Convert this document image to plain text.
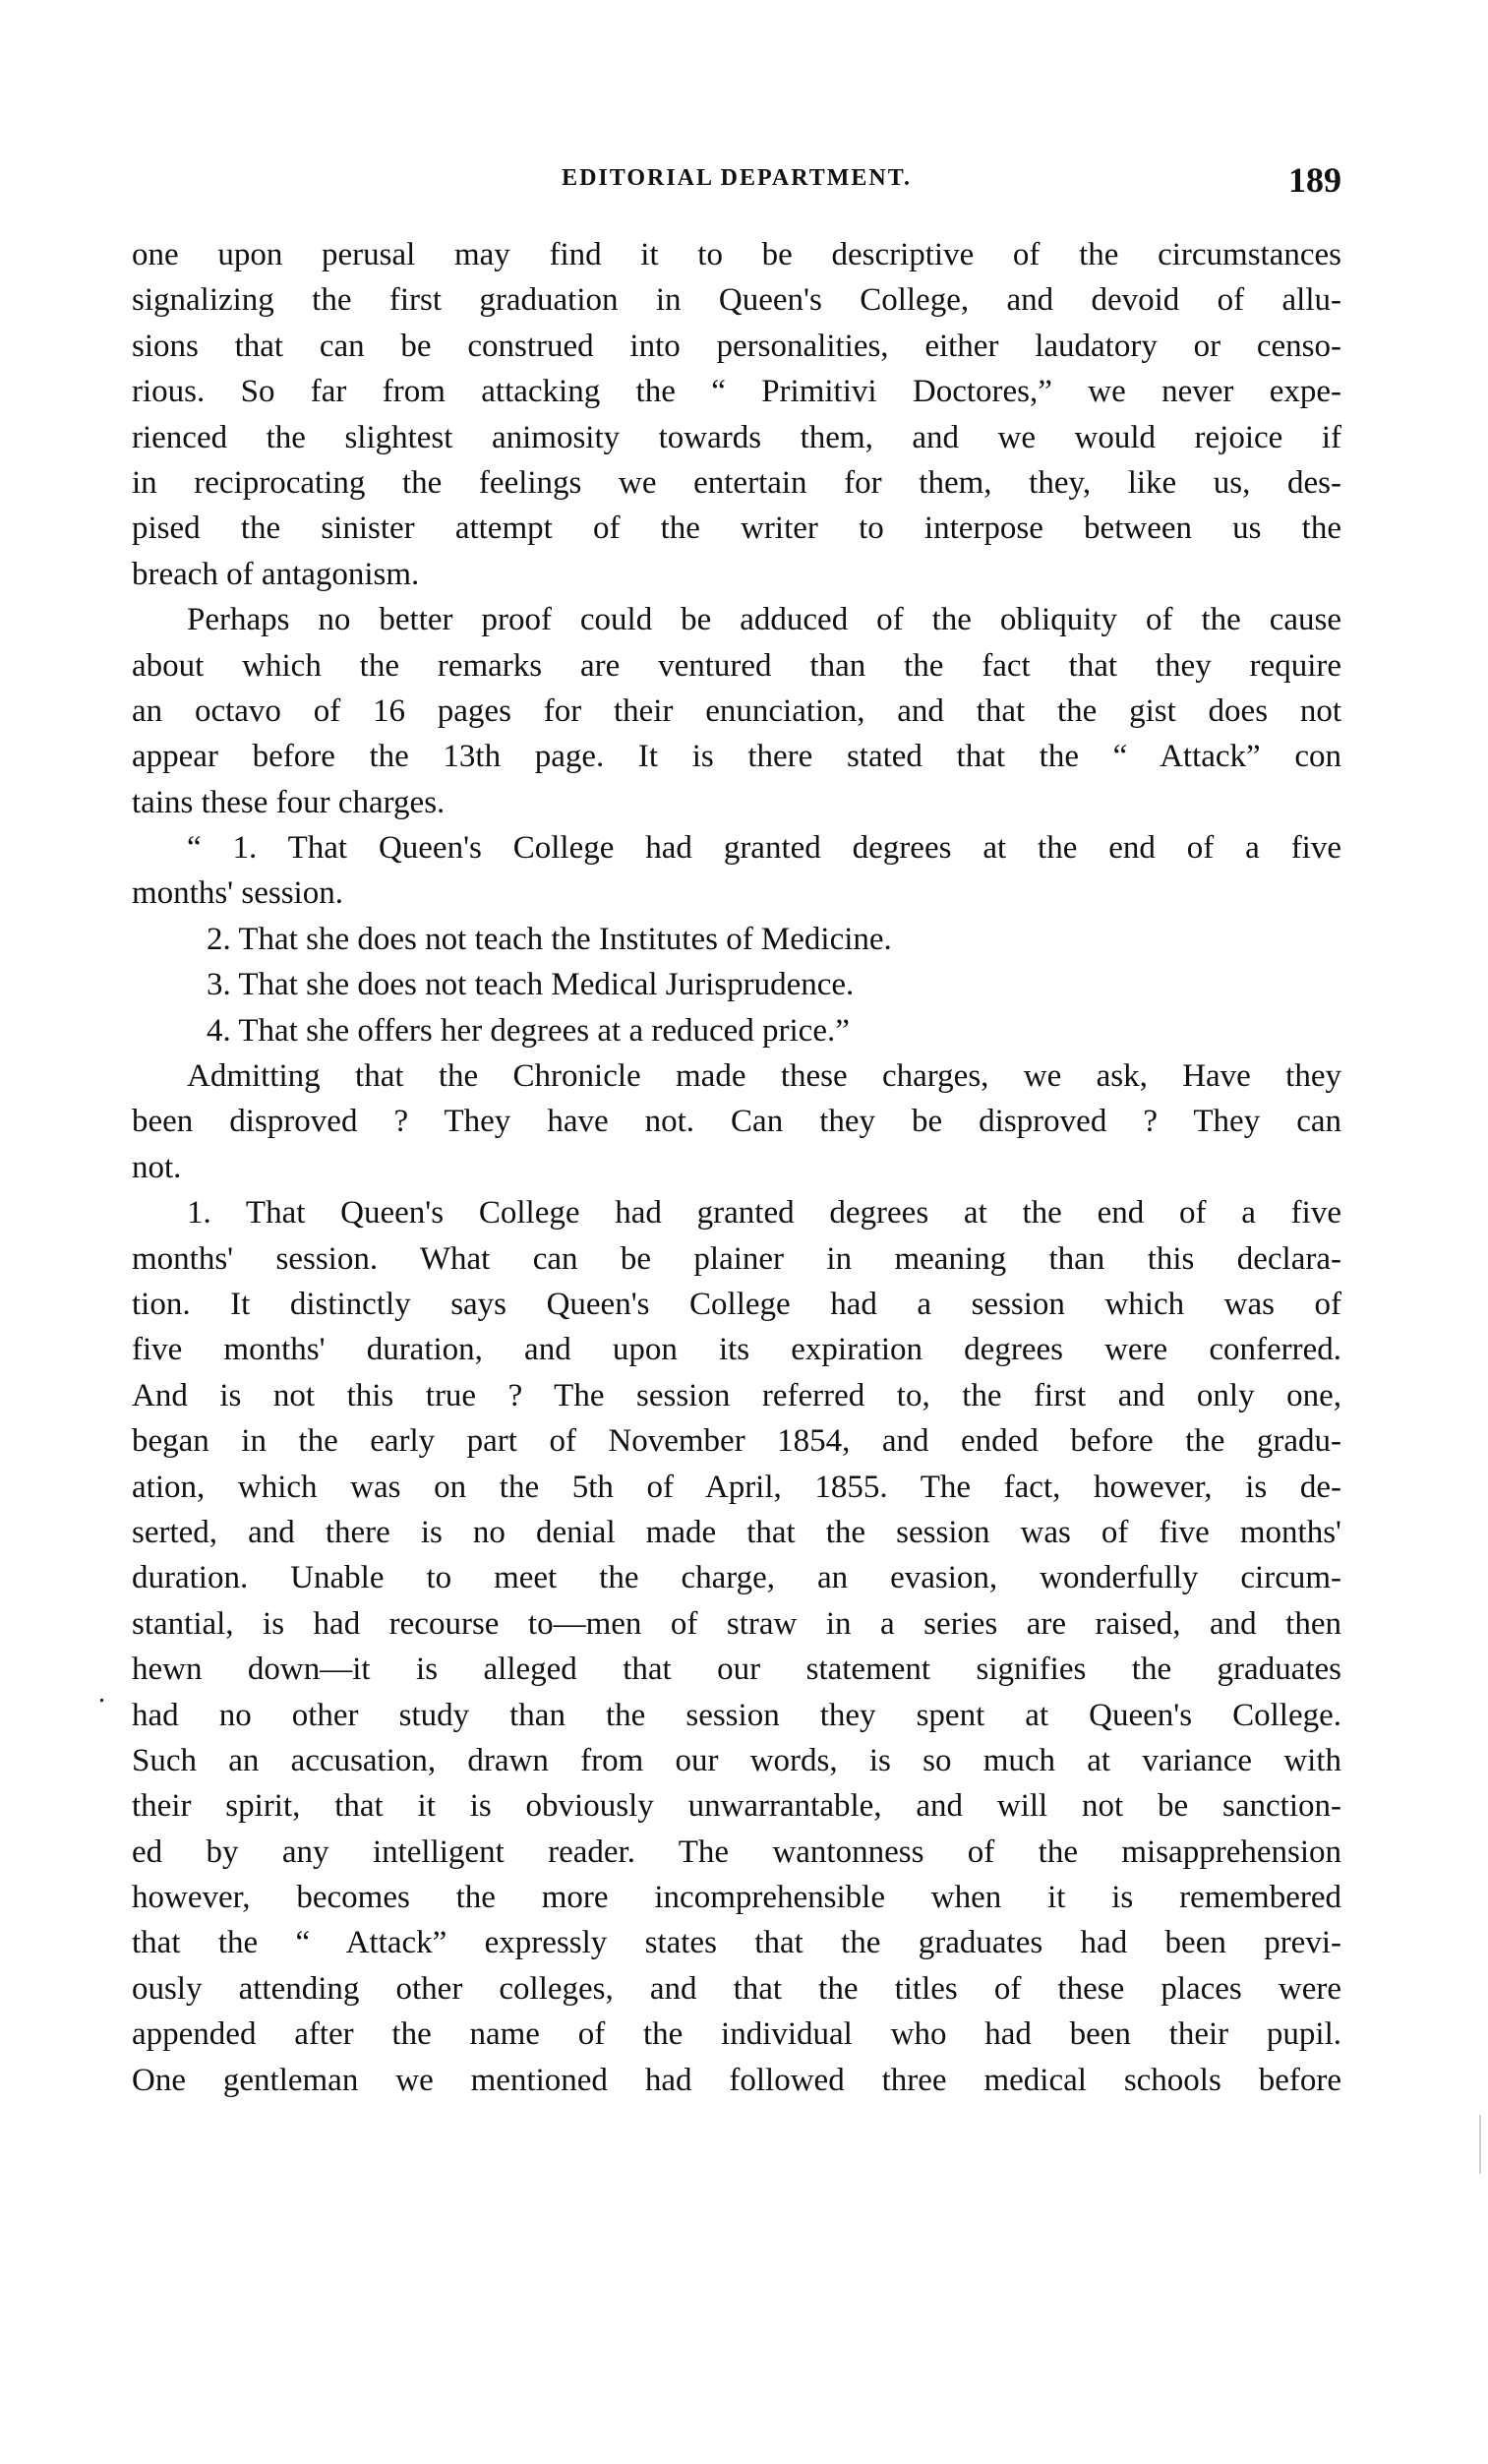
EDITORIAL DEPARTMENT.	189
.
one upon perusal may find it to be descriptive of the circumstances
signalizing the first graduation in Queen's College, and devoid of allu-
sions that can be construed into personalities, either laudatory or censo-
rious. So far from attacking the “ Primitivi Doctores,” we never expe-
rienced the slightest animosity towards them, and we would rejoice if
in reciprocating the feelings we entertain for them, they, like us, des-
pised the sinister attempt of the writer to interpose between us the
breach of antagonism.
Perhaps no better proof could be adduced of the obliquity of the cause
about which the remarks are ventured than the fact that they require
an octavo of 16 pages for their enunciation, and that the gist does not
appear before the 13th page. It is there stated that the “ Attack” con
tains these four charges.
“ 1. That Queen's College had granted degrees at the end of a five
months' session.
2. That she does not teach the Institutes of Medicine.
3. That she does not teach Medical Jurisprudence.
4. That she offers her degrees at a reduced price.”
Admitting that the Chronicle made these charges, we ask, Have they
been disproved ? They have not. Can they be disproved ? They can
not.
1. That Queen's College had granted degrees at the end of a five
months' session. What can be plainer in meaning than this declara-
tion. It distinctly says Queen's College had a session which was of
five months' duration, and upon its expiration degrees were conferred.
And is not this true ? The session referred to, the first and only one,
began in the early part of November 1854, and ended before the gradu-
ation, which was on the 5th of April, 1855. The fact, however, is de-
serted, and there is no denial made that the session was of five months'
duration. Unable to meet the charge, an evasion, wonderfully circum-
stantial, is had recourse to—men of straw in a series are raised, and then
hewn down—it is alleged that our statement signifies the graduates
had no other study than the session they spent at Queen's College.
Such an accusation, drawn from our words, is so much at variance with
their spirit, that it is obviously unwarrantable, and will not be sanction-
ed by any intelligent reader. The wantonness of the misapprehension
however, becomes the more incomprehensible when it is remembered
that the “ Attack” expressly states that the graduates had been previ-
ously attending other colleges, and that the titles of these places were
appended after the name of the individual who had been their pupil.
One gentleman we mentioned had followed three medical schools before
